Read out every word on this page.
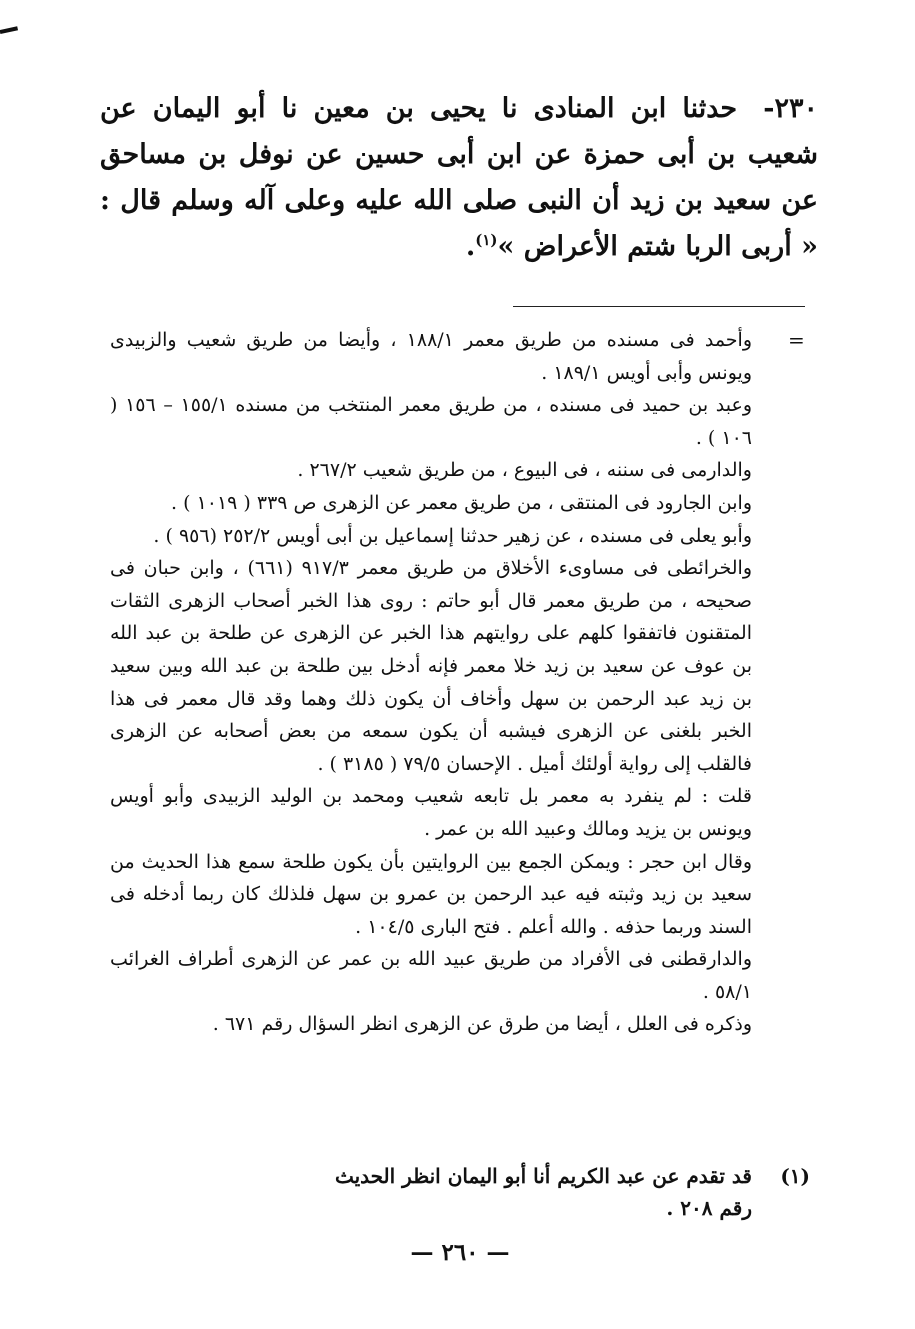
٢٣٠- حدثنا ابن المنادى نا يحيى بن معين نا أبو اليمان عن شعيب بن أبى حمزة عن ابن أبى حسين عن نوفل بن مساحق عن سعيد بن زيد أن النبى صلى الله عليه وعلى آله وسلم قال : « أربى الربا شتم الأعراض »$^{(١)}$.
=

وأحمد فى مسنده من طريق معمر ١٨٨/١ ، وأيضا من طريق شعيب والزبيدى ويونس وأبى أويس ١٨٩/١ .

وعبد بن حميد فى مسنده ، من طريق معمر المنتخب من مسنده ١٥٥/١ – ١٥٦ ( ١٠٦ ) .

والدارمى فى سننه ، فى البيوع ، من طريق شعيب ٢٦٧/٢ .

وابن الجارود فى المنتقى ، من طريق معمر عن الزهرى ص ٣٣٩ ( ١٠١٩ ) .

وأبو يعلى فى مسنده ، عن زهير حدثنا إسماعيل بن أبى أويس ٢٥٢/٢ (٩٥٦ ) .

والخرائطى فى مساوىء الأخلاق من طريق معمر ٩١٧/٣ (٦٦١) ، وابن حبان فى صحيحه ، من طريق معمر قال أبو حاتم : روى هذا الخبر أصحاب الزهرى الثقات المتقنون فاتفقوا كلهم على روايتهم هذا الخبر عن الزهرى عن طلحة بن عبد الله بن عوف عن سعيد بن زيد خلا معمر فإنه أدخل بين طلحة بن عبد الله وبين سعيد بن زيد عبد الرحمن بن سهل وأخاف أن يكون ذلك وهما وقد قال معمر فى هذا الخبر بلغنى عن الزهرى فيشبه أن يكون سمعه من بعض أصحابه عن الزهرى فالقلب إلى رواية أولئك أميل . الإحسان ٧٩/٥ ( ٣١٨٥ ) .

قلت : لم ينفرد به معمر بل تابعه شعيب ومحمد بن الوليد الزبيدى وأبو أويس ويونس بن يزيد ومالك وعبيد الله بن عمر .

وقال ابن حجر : ويمكن الجمع بين الروايتين بأن يكون طلحة سمع هذا الحديث من سعيد بن زيد وثبته فيه عبد الرحمن بن عمرو بن سهل فلذلك كان ربما أدخله فى السند وربما حذفه . والله أعلم . فتح البارى ١٠٤/٥ .

والدارقطنى فى الأفراد من طريق عبيد الله بن عمر عن الزهرى أطراف الغرائب ٥٨/١ .

وذكره فى العلل ، أيضا من طرق عن الزهرى انظر السؤال رقم ٦٧١ .

(١)
قد تقدم عن عبد الكريم أنا أبو اليمان انظر الحديث رقم ٢٠٨ .
— ٢٦٠ —
